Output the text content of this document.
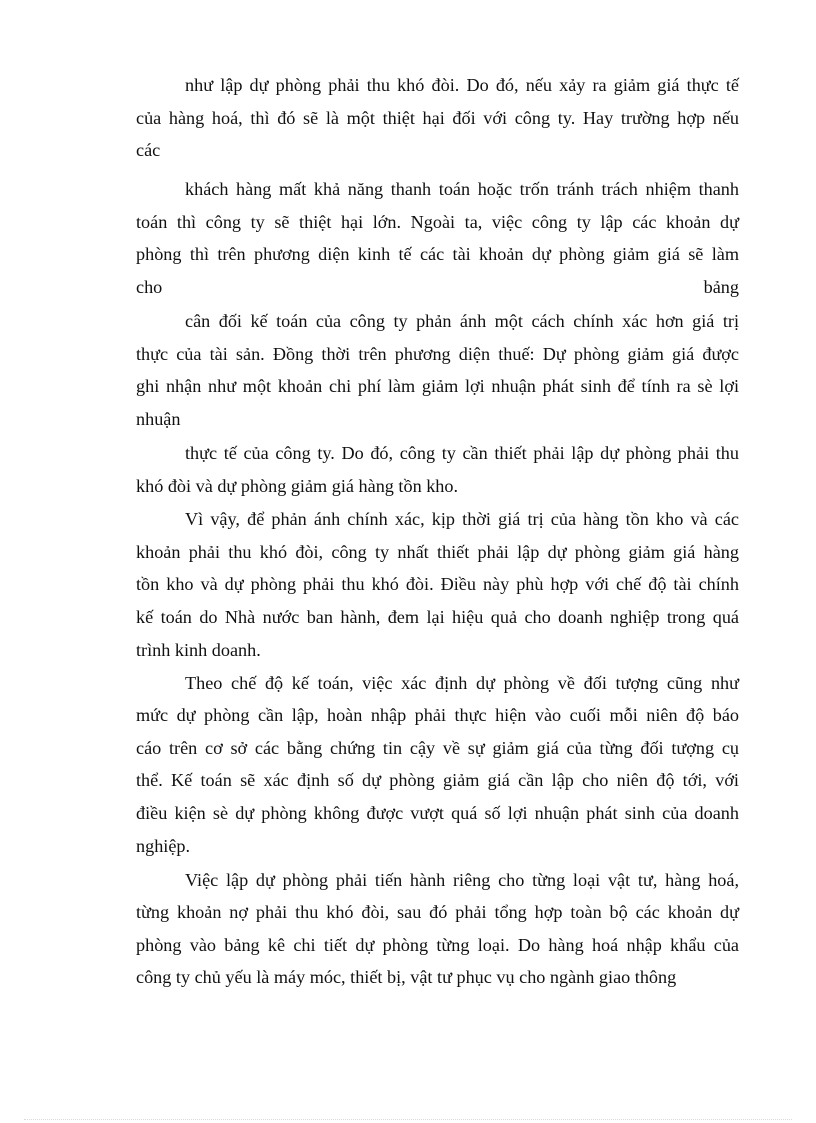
như lập dự phòng phải thu khó đòi. Do đó, nếu xảy ra giảm giá thực tế
của hàng hoá, thì đó sẽ là một thiệt hại đối với công ty. Hay trường hợp nếu
các
khách hàng mất khả năng thanh toán hoặc trốn tránh trách nhiệm thanh
toán thì công ty sẽ thiệt hại lớn. Ngoài ta, việc công ty lập các khoản dự
phòng thì trên phương diện kinh tế các tài khoản dự phòng giảm giá sẽ làm
cho bảng
cân đối kế toán của công ty phản ánh một cách chính xác hơn giá trị
thực của tài sản. Đồng thời trên phương diện thuế: Dự phòng giảm giá được
ghi nhận như một khoản chi phí làm giảm lợi nhuận phát sinh để tính ra sè lợi
nhuận
thực tế của công ty. Do đó, công ty cần thiết phải lập dự phòng phải thu
khó đòi và dự phòng giảm giá hàng tồn kho.
Vì vậy, để phản ánh chính xác, kịp thời giá trị của hàng tồn kho và các
khoản phải thu khó đòi, công ty nhất thiết phải lập dự phòng giảm giá hàng
tồn kho và dự phòng phải thu khó đòi. Điều này phù hợp với chế độ tài chính
kế toán do Nhà nước ban hành, đem lại hiệu quả cho doanh nghiệp trong quá
trình kinh doanh.
Theo chế độ kế toán, việc xác định dự phòng về đối tượng cũng như
mức dự phòng cần lập, hoàn nhập phải thực hiện vào cuối mỗi niên độ báo
cáo trên cơ sở các bằng chứng tin cậy về sự giảm giá của từng đối tượng cụ
thể. Kế toán sẽ xác định số dự phòng giảm giá cần lập cho niên độ tới, với
điều kiện sè dự phòng không được vượt quá số lợi nhuận phát sinh của doanh
nghiệp.
Việc lập dự phòng phải tiến hành riêng cho từng loại vật tư, hàng hoá,
từng khoản nợ phải thu khó đòi, sau đó phải tổng hợp toàn bộ các khoản dự
phòng vào bảng kê chi tiết dự phòng từng loại. Do hàng hoá nhập khẩu của
công ty chủ yếu là máy móc, thiết bị, vật tư phục vụ cho ngành giao thông
